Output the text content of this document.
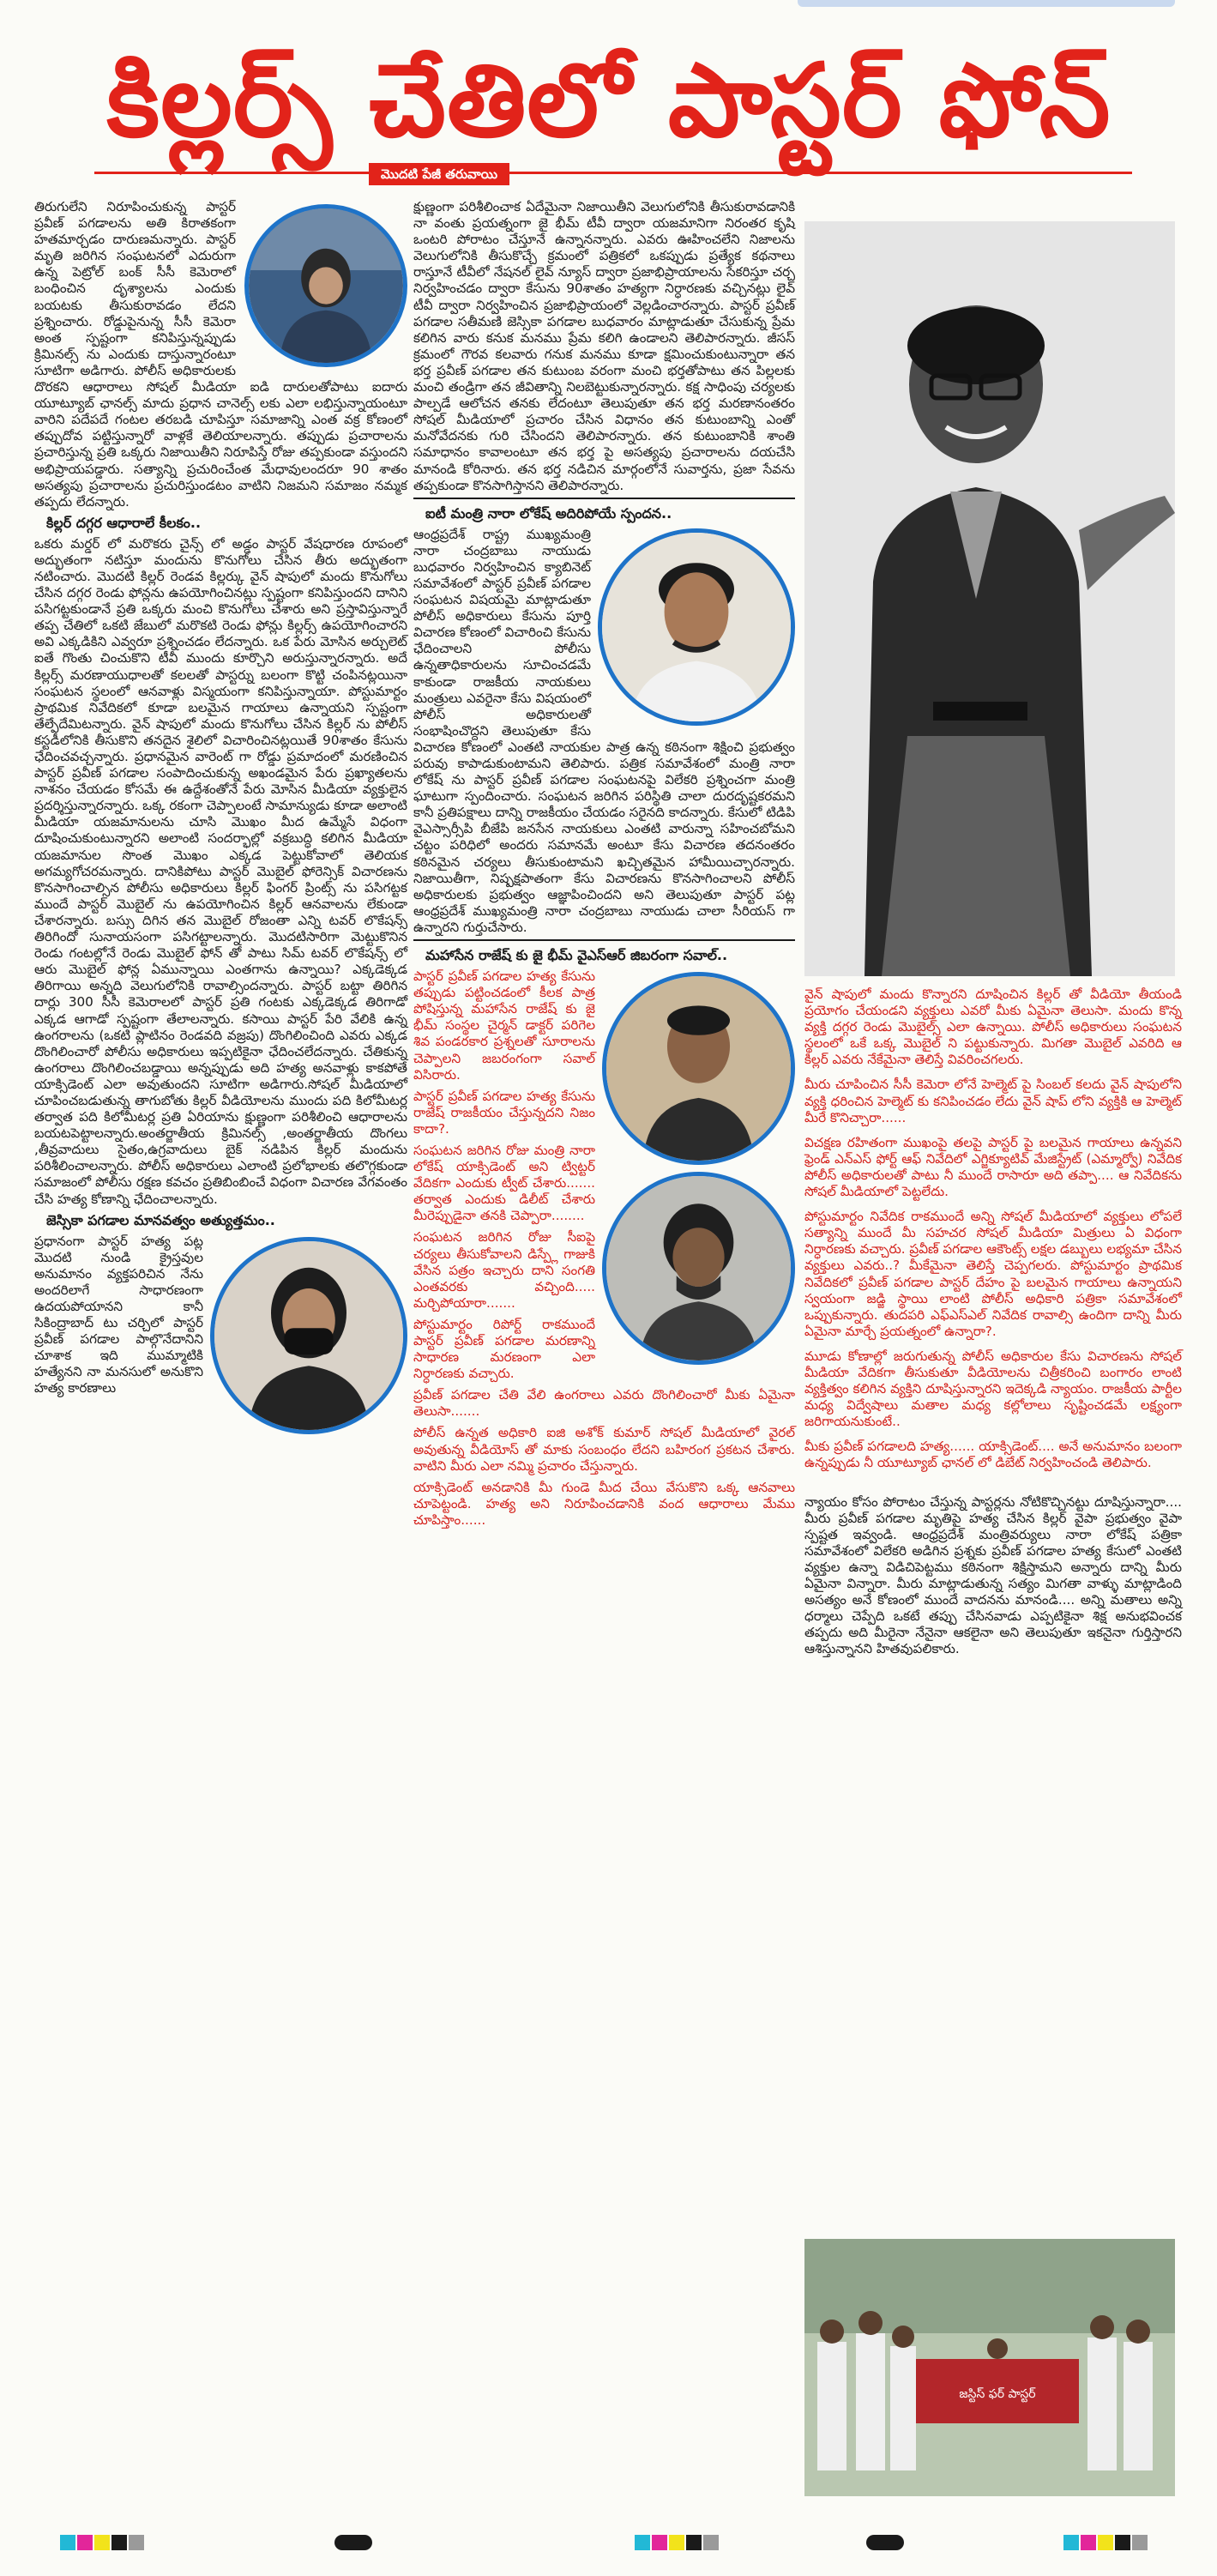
కిల్లర్స్ చేతిలో పాస్టర్ ఫోన్
మొదటి పేజీ తరువాయి

తిరుగులేని నిరూపించుకున్న పాస్టర్ ప్రవీణ్ పగడాలను అతి కిరాతకంగా హతమార్చడం దారుణమన్నారు. పాస్టర్ మృతి జరిగిన సంఘటనలో ఎదురుగా ఉన్న పెట్రోల్ బంక్ సీసీ కెమెరాలో బంధించిన దృశ్యాలను ఎందుకు బయటకు తీసుకురావడం లేదని ప్రశ్నించారు. రోడ్డుపైనున్న సీసీ కెమెరా అంత స్పష్టంగా కనిపిస్తున్నప్పుడు క్రిమినల్స్ ను ఎందుకు దాస్తున్నారంటూ సూటిగా అడిగారు. పోలీస్ అధికారులకు దొరకని ఆధారాలు సోషల్ మీడియా ఐడి దారులతోపాటు ఐదారు యూట్యూబ్ ఛానల్స్ మాదు ప్రధాన చానెల్స్ లకు ఎలా లభిస్తున్నాయంటూ వారిని పదేపదే గంటల తరబడి చూపిస్తూ సమాజాన్ని ఎంత వక్ర కోణంలో తప్పుదోవ పట్టిస్తున్నారో వాళ్లకే తెలియాలన్నారు. తప్పుడు ప్రచారాలను ప్రచారిస్తున్న ప్రతి ఒక్కరు నిజాయితీని నిరూపిస్తే రోజు తప్పకుండా వస్తుందని అభిప్రాయపడ్డారు. సత్యాన్ని ప్రచురించేంత మేధావులందరూ 90 శాతం అసత్యపు ప్రచారాలను ప్రచురిస్తుండటం వాటిని నిజమని సమాజం నమ్మక తప్పదు లేదన్నారు.

కిల్లర్ దగ్గర ఆధారాలే కీలకం..

ఒకరు మర్డర్ లో మరొకరు చైన్స్ లో అడ్డం పాస్టర్ వేషధారణ రూపంలో అద్భుతంగా నటిస్తూ మందును కొనుగోలు చేసిన తీరు అద్భుతంగా నటించారు. మొదటి కిల్లర్ రెండవ కిల్లర్కు వైన్ షాపులో మందు కొనుగోలు చేసిన దగ్గర రెండు ఫోన్లను ఉపయోగించినట్లు స్పష్టంగా కనిపిస్తుందని దానిని పసిగట్టకుండానే ప్రతి ఒక్కరు మంచి కొనుగోలు చేశారు అని ప్రస్తావిస్తున్నారే తప్ప చేతిలో ఒకటి జేబులో మరొకటి రెండు ఫోన్లు కిల్లర్స్ ఉపయోగించారని అవి ఎక్కడికిని ఎవ్వరూ ప్రశ్నించడం లేదన్నారు. ఒక పేరు మోసిన అర్చులెట్ ఐతే గొంతు చించుకొని టీవీ ముందు కూర్చొని అరుస్తున్నారన్నారు. అదే కిల్లర్స్ మరణాయుధాలతో కలలతో పాస్టర్ను బలంగా కొట్టి చంపినట్లయినా సంఘటన స్థలంలో ఆనవాళ్లు విస్మయంగా కనిపిస్తున్నాయా. పోస్టుమార్టం ప్రాథమిక నివేదికలో కూడా బలమైన గాయాలు ఉన్నాయని స్పష్టంగా తేల్పేదేమిటన్నారు. వైన్ షాపులో మందు కొనుగోలు చేసిన కిల్లర్ ను పోలీస్ కస్టడీలోనికి తీసుకొని తనదైన శైలిలో విచారించినట్లయితే 90శాతం కేసును ఛేదించవచ్చన్నారు. ప్రధానమైన వారెంట్ గా రోడ్డు ప్రమాదంలో మరణించిన పాస్టర్ ప్రవీణ్ పగడాల సంపాదించుకున్న అఖండమైన పేరు ప్రఖ్యాతలను నాశనం చేయడం కోసమే ఈ ఉద్దేశంతోనే పేరు మోసిన మీడియా వ్యక్తులైన ప్రదర్శిస్తున్నారన్నారు. ఒక్క రకంగా చెప్పాలంటే సామాన్యుడు కూడా అలాంటి మీడియా యజమానులను చూసి మొఖం మీద ఉమ్మేసే విధంగా దూషించుకుంటున్నారని అలాంటి సందర్భాల్లో వక్రబుద్ధి కలిగిన మీడియా యజమానుల సొంత మొఖం ఎక్కడ పెట్టుకోవాలో తెలియక అగమ్యగోచరమన్నారు. దానికిపోటు పాస్టర్ మొబైల్ ఫోరెన్సిక్ విచారణను కొనసాగించాల్సిన పోలీసు అధికారులు కిల్లర్ ఫింగర్ ప్రింట్స్ ను పసిగట్టక ముందే పాస్టర్ మొబైల్ ను ఉపయోగించిన కిల్లర్ ఆనవాలను లేకుండా చేశారన్నారు. బస్సు దిగిన తన మొబైల్ రోజంతా ఎన్ని టవర్ లొకేషన్స్ తిరిగిందో సునాయసంగా పసిగట్టాలన్నారు. మొదటిసారిగా మెట్టుకొనిన రెండు గంటల్లోనే రెండు మొబైల్ ఫోన్ తో పాటు సిమ్ టవర్ లొకేషన్స్ లో ఆరు మొబైల్ ఫోన్ల ఏమున్నాయి ఎంతగాను ఉన్నాయి? ఎక్కడెక్కడ తిరిగాయి అన్నది వెలుగులోనికి రావాల్సిందన్నారు. పాస్టర్ బట్టా తిరిగిన దార్లు 300 సీసీ కెమెరాలలో పాస్టర్ ప్రతి గంటకు ఎక్కడెక్కడ తిరిగాడో ఎక్కడ ఆగాడో స్పష్టంగా తేలాలన్నారు. కసాయి పాస్టర్ పేరి వేలికి ఉన్న ఉంగరాలను (ఒకటి ప్లాటినం రెండవది వజ్రపు) దొంగిలించింది ఎవరు ఎక్కడ దొంగిలించారో పోలీసు అధికారులు ఇప్పటికైనా ఛేదించలేదన్నారు. చేతికున్న ఉంగరాలు దొంగిలించబడ్డాయి అన్నప్పుడు అది హత్య అనవాళ్లు కాకపోతే యాక్సిడెంట్ ఎలా అవుతుందని సూటిగా అడిగారు.సోషల్ మీడియాలో చూపించబడుతున్న తాగుబోతు కిల్లర్ వీడియోలను ముందు పది కిలోమీటర్ల తర్వాత పది కిలోమీటర్ల ప్రతి ఏరియాను క్షుణ్ణంగా పరిశీలించి ఆధారాలను బయటపెట్టాలన్నారు.అంతర్జాతీయ క్రిమినల్స్ ,అంతర్జాతీయ దొంగలు ,తీవ్రవాదులు సైతం,ఉగ్రవాదులు బైక్ నడిపిన కిల్లర్ మందును పరిశీలించాలన్నారు. పోలీస్ అధికారులు ఎలాంటి ప్రలోభాలకు తలొగ్గకుండా సమాజంలో పోలీసు రక్షణ కవచం ప్రతిబింబించే విధంగా విచారణ వేగవంతం చేసి హత్య కోణాన్ని ఛేదించాలన్నారు.

జెస్సికా పగడాల మానవత్వం అత్యుత్తమం..

ప్రధానంగా పాస్టర్ హత్య పట్ల మొదటి నుండి క్రైస్తవుల అనుమానం వ్యక్తపరిచిన నేను అందరిలాగే సాధారణంగా ఉదయపోయానని కానీ సికింద్రాబాద్ టు చర్చిలో పాస్టర్ ప్రవీణ్ పగడాల పాల్గొనేదానిని చూశాక ఇది ముమ్మాటికి హత్యేనని నా మనసులో అనుకొని హత్య కారణాలు

క్షుణ్ణంగా పరిశీలించాక ఏదేమైనా నిజాయితీని వెలుగులోనికి తీసుకురావడానికి నా వంతు ప్రయత్నంగా జై భీమ్ టీవీ ద్వారా యజమానిగా నిరంతర కృషి ఒంటరి పోరాటం చేస్తూనే ఉన్నానన్నారు. ఎవరు ఊహించలేని నిజాలను వెలుగులోనికి తీసుకొచ్చే క్రమంలో పత్రికలో ఒకప్పుడు ప్రత్యేక కథనాలు రాస్తూనే టీవీలో నేషనల్ లైవ్ న్యూస్ ద్వారా ప్రజాభిప్రాయాలను సేకరిస్తూ చర్చ నిర్వహించడం ద్వారా కేసును 90శాతం హత్యగా నిర్ధారణకు వచ్చినట్లు లైవ్ టీవీ ద్వారా నిర్వహించిన ప్రజాభిప్రాయంలో వెల్లడించారన్నారు. పాస్టర్ ప్రవీణ్ పగడాల సతీమణి జెస్సికా పగడాల బుధవారం మాట్లాడుతూ చేసుకున్న ప్రేమ కలిగిన వారు కనుక మనము ప్రేమ కలిగి ఉండాలని తెలిపారన్నారు. జీసస్ క్రమంలో గౌరవ కలవారు గనుక మనము కూడా క్షమించుకుంటున్నారా తన భర్త ప్రవీణ్ పగడాల తన కుటుంబ వరంగా మంచి భర్తతోపాటు తన పిల్లలకు మంచి తండ్రిగా తన జీవితాన్ని నిలబెట్టుకున్నారన్నారు. కక్ష సాధింపు చర్యలకు పాల్పడే ఆలోచన తనకు లేదంటూ తెలుపుతూ తన భర్త మరణానంతరం సోషల్ మీడియాలో ప్రచారం చేసిన విధానం తన కుటుంబాన్ని ఎంతో మనోవేదనకు గురి చేసిందని తెలిపారన్నారు. తన కుటుంబానికి శాంతి సమాధానం కావాలంటూ తన భర్త పై అసత్యపు ప్రచారాలను దయచేసి మానండి కోరినారు. తన భర్త నడిచిన మార్గంలోనే సువార్తను, ప్రజా సేవను తప్పకుండా కొనసాగిస్తానని తెలిపారన్నారు.

ఐటీ మంత్రి నారా లోకేష్ అదిరిపోయే స్పందన..

ఆంధ్రప్రదేశ్ రాష్ట్ర ముఖ్యమంత్రి నారా చంద్రబాబు నాయుడు బుధవారం నిర్వహించిన క్యాబినెట్ సమావేశంలో పాస్టర్ ప్రవీణ్ పగడాల సంఘటన విషయమై మాట్లాడుతూ పోలీస్ అధికారులు కేసును పూర్తి విచారణ కోణంలో విచారించి కేసును ఛేదించాలని పోలీసు ఉన్నతాధికారులను సూచించడమే కాకుండా రాజకీయ నాయకులు మంత్రులు ఎవరైనా కేసు విషయంలో పోలీస్ అధికారులతో సంభాషించొద్దని తెలుపుతూ కేసు విచారణ కోణంలో ఎంతటి నాయకుల పాత్ర ఉన్న కఠినంగా శిక్షించి ప్రభుత్వం పరువు కాపాడుకుంటామని తెలిపారు. పత్రిక సమావేశంలో మంత్రి నారా లోకేష్ ను పాస్టర్ ప్రవీణ్ పగడాల సంఘటనపై విలేకరి ప్రశ్నించగా మంత్రి ఘాటుగా స్పందించారు. సంఘటన జరిగిన పరిస్థితి చాలా దురదృష్టకరమని కానీ ప్రతిపక్షాలు దాన్ని రాజకీయం చేయడం సరైనది కాదన్నారు. కేసులో టిడిపి వైఎస్సార్సీపి బీజేపి జనసేన నాయకులు ఎంతటి వారున్నా సహించబోమని చట్టం పరిధిలో అందరు సమానమే అంటూ కేసు విచారణ తదనంతరం కఠినమైన చర్యలు తీసుకుంటామని ఖచ్చితమైన హామీయిచ్చారన్నారు. నిజాయితీగా, నిష్పక్షపాతంగా కేసు విచారణను కొనసాగించాలని పోలీస్ అధికారులకు ప్రభుత్వం ఆజ్ఞాపించిందని అని తెలుపుతూ పాస్టర్ పట్ల ఆంధ్రప్రదేశ్ ముఖ్యమంత్రి నారా చంద్రబాబు నాయుడు చాలా సీరియస్ గా ఉన్నారని గుర్తుచేసారు.

మహాసేన రాజేష్ కు జై భీమ్ వైఎస్ఆర్ జిబరంగా సవాల్..

పాస్టర్ ప్రవీణ్ పగడాల హత్య కేసును తప్పుడు పట్టించడంలో కీలక పాత్ర పోషిస్తున్న మహాసేన రాజేష్ కు జై భీమ్ సంస్థల చైర్మన్ డాక్టర్ పరిగెల శివ పండరకార ప్రశ్నలతో సూరాలను చెప్పాలని జబరంగంగా సవాల్ విసిరారు.

పాస్టర్ ప్రవీణ్ పగడాల హత్య కేసును రాజేష్ రాజకీయం చేస్తున్నదని నిజం కాదా?.

సంఘటన జరిగిన రోజు మంత్రి నారా లోకేష్ యాక్సిడెంట్ అని ట్విట్టర్ వేదికగా ఎందుకు ట్వీట్ చేశారు....... తర్వాత ఎందుకు డిలీట్ చేశారు మీరెప్పుడైనా తనకి చెప్పారా........

సంఘటన జరిగిన రోజు సీఐపై చర్యలు తీసుకోవాలని డిస్ప్లే గాజుకి వేసిన పత్రం ఇచ్చారు దాని సంగతి ఎంతవరకు వచ్చింది..... మర్చిపోయారా.......

పోస్టుమార్టం రిపోర్ట్ రాకముందే పాస్టర్ ప్రవీణ్ పగడాల మరణాన్ని సాధారణ మరణంగా ఎలా నిర్ధారణకు వచ్చారు.

ప్రవీణ్ పగడాల చేతి వేలి ఉంగరాలు ఎవరు దొంగిలించారో మీకు ఏమైనా తెలుసా.......

పోలీస్ ఉన్నత అధికారి ఐజి అశోక్ కుమార్ సోషల్ మీడియాలో వైరల్ అవుతున్న వీడియోస్ తో మాకు సంబంధం లేదని బహిరంగ ప్రకటన చేశారు. వాటిని మీరు ఎలా నమ్మి ప్రచారం చేస్తున్నారు.

యాక్సిడెంట్ అనడానికి మీ గుండె మీద చేయి వేసుకొని ఒక్క ఆనవాలు చూపెట్టండి. హత్య అని నిరూపించడానికి వంద ఆధారాలు మేము చూపిస్తాం......

వైన్ షాపులో మందు కొన్నారని దూషించిన కిల్లర్ తో వీడియో తీయండి ప్రయోగం చేయండని వ్యక్తులు ఎవరో మీకు ఏమైనా తెలుసా. మందు కొన్న వ్యక్తి దగ్గర రెండు మొబైల్స్ ఎలా ఉన్నాయి. పోలీస్ అధికారులు సంఘటన స్థలంలో ఒకే ఒక్క మొబైల్ ని పట్టుకున్నారు. మిగతా మొబైల్ ఎవరిది ఆ కిల్లర్ ఎవరు నేకేమైనా తెలిస్తే వివరించగలరు.

మీరు చూపించిన సీసీ కెమెరా లోనే హెల్మెట్ పై సింబల్ కలదు వైన్ షాపులోని వ్యక్తి ధరించిన హెల్మెట్ కు కనిపించడం లేదు వైన్ షాప్ లోని వ్యక్తికి ఆ హెల్మెట్ మీరే కొనిచ్చారా......

విచక్షణ రహితంగా ముఖంపై తలపై పాస్టర్ పై బలమైన గాయాలు ఉన్నవని ఫ్రెండ్ ఎన్ఎస్ ఫోర్ట్ ఆఫ్ నివేదిలో ఎగ్జిక్యూటివ్ మేజిస్ట్రేట్ (ఎమ్మార్వో) నివేదిక పోలీస్ అధికారులతో పాటు నీ ముందే రాసారూ అది తప్పా.... ఆ నివేదికను సోషల్ మీడియాలో పెట్టలేదు.

పోస్టుమార్టం నివేదిక రాకముందే అన్ని సోషల్ మీడియాలో వ్యక్తులు లోపలే సత్యాన్ని ముందే మీ సహచర సోషల్ మీడియా మిత్రులు ఏ విధంగా నిర్ధారణకు వచ్చారు. ప్రవీణ్ పగడాల ఆకౌంట్స్ లక్షల డబ్బులు లభ్యమా చేసిన వ్యక్తులు ఎవరు..? మీకేమైనా తెలిస్తే చెప్పగలరు. పోస్టుమార్టం ప్రాథమిక నివేదికలో ప్రవీణ్ పగడాల పాస్టర్ దేహం పై బలమైన గాయాలు ఉన్నాయని స్వయంగా జడ్జి స్థాయి లాంటి పోలీస్ అధికారి పత్రికా సమావేశంలో ఒప్పుకున్నారు. తుదపరి ఎఫ్ఎస్ఎల్ నివేదిక రావాల్సి ఉందిగా దాన్ని మీరు ఏమైనా మార్చే ప్రయత్నంలో ఉన్నారా?.

మూడు కోణాల్లో జరుగుతున్న పోలీస్ అధికారుల కేసు విచారణను సోషల్ మీడియా వేదికగా తీసుకుతూ వీడియోలను చిత్రీకరించి బంగారం లాంటి వ్యక్తిత్వం కలిగిన వ్యక్తిని దూషిస్తున్నారని ఇదెక్కడి న్యాయం. రాజకీయ పార్టీల మధ్య విద్వేషాలు మతాల మధ్య కల్లోలాలు సృష్టించడమే లక్ష్యంగా జరిగాయనుకుంటే..

మీకు ప్రవీణ్ పగడాలది హత్య...... యాక్సిడెంట్.... అనే అనుమానం బలంగా ఉన్నప్పుడు నీ యూట్యూబ్ ఛానల్ లో డిబేట్ నిర్వహించండి తెలిపారు.

న్యాయం కోసం పోరాటం చేస్తున్న పాస్టర్లను నోటికొచ్చినట్టు దూషిస్తున్నారా.... మీరు ప్రవీణ్ పగడాల మృతిపై హత్య చేసిన కిల్లర్ వైపా ప్రభుత్వం వైపా స్పష్టత ఇవ్వండి. ఆంధ్రప్రదేశ్ మంత్రివర్యులు నారా లోకేష్ పత్రికా సమావేశంలో విలేకరి అడిగిన ప్రశ్నకు ప్రవీణ్ పగడాల హత్య కేసులో ఎంతటి వ్యక్తుల ఉన్నా విడిచిపెట్టము కఠినంగా శిక్షిస్తామని అన్నారు దాన్ని మీరు ఏమైనా విన్నారా. మీరు మాట్లాడుతున్న సత్యం మిగతా వాళ్ళు మాట్లాడింది అసత్యం అనే కోణంలో ముందే వాదనను మానండి.... అన్ని మతాలు అన్ని ధర్మాలు చెప్పేది ఒకటే తప్పు చేసినవాడు ఎప్పటికైనా శిక్ష అనుభవించక తప్పదు అది మీరైనా నేనైనా ఆకలైనా అని తెలుపుతూ ఇకనైనా గుర్తిస్తారని ఆశిస్తున్నానని హితవుపలికారు.

జస్టిస్ ఫర్ పాస్టర్
